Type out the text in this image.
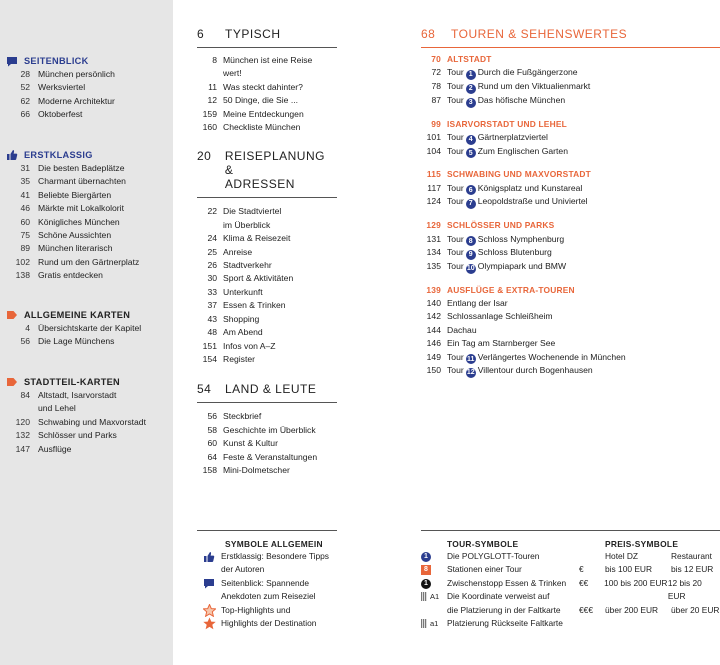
SEITENBLICK
28 München persönlich
52 Werksviertel
62 Moderne Architektur
66 Oktoberfest
ERSTKLASSIG
31 Die besten Badeplätze
35 Charmant übernachten
41 Beliebte Biergärten
46 Märkte mit Lokalkolorit
60 Königliches München
75 Schöne Aussichten
89 München literarisch
102 Rund um den Gärtnerplatz
138 Gratis entdecken
ALLGEMEINE KARTEN
4 Übersichtskarte der Kapitel
56 Die Lage Münchens
STADTTEIL-KARTEN
84 Altstadt, Isarvorstadt
und Lehel
120 Schwabing und Maxvorstadt
132 Schlösser und Parks
147 Ausflüge
6	TYPISCH
8 München ist eine Reise
wert!
11 Was steckt dahinter?
12 50 Dinge, die Sie ...
159 Meine Entdeckungen
160 Checkliste München
20	REISEPLANUNG &
ADRESSEN
22 Die Stadtviertel
im Überblick
24 Klima & Reisezeit
25 Anreise
26 Stadtverkehr
30 Sport & Aktivitäten
33 Unterkunft
37 Essen & Trinken
43 Shopping
48 Am Abend
151 Infos von A–Z
154 Register
54	LAND & LEUTE
56 Steckbrief
58 Geschichte im Überblick
60 Kunst & Kultur
64 Feste & Veranstaltungen
158 Mini-Dolmetscher
68	TOUREN & SEHENSWERTES
70 ALTSTADT
72 Tour 1 Durch die Fußgängerzone
78 Tour 2 Rund um den Viktualienmarkt
87 Tour 3 Das höfische München
99 ISARVORSTADT UND LEHEL
101 Tour 4 Gärtnerplatzviertel
104 Tour 5 Zum Englischen Garten
115 SCHWABING UND MAXVORSTADT
117 Tour 6 Königsplatz und Kunstareal
124 Tour 7 Leopoldstraße und Univiertel
129 SCHLÖSSER UND PARKS
131 Tour 8 Schloss Nymphenburg
134 Tour 9 Schloss Blutenburg
135 Tour 10 Olympiapark und BMW
139 AUSFLÜGE & EXTRA-TOUREN
140 Entlang der Isar
142 Schlossanlage Schleißheim
144 Dachau
146 Ein Tag am Starnberger See
149 Tour 11 Verlängertes Wochenende in München
150 Tour 12 Villentour durch Bogenhausen
SYMBOLE ALLGEMEIN
Erstklassig: Besondere Tipps
der Autoren
Seitenblick: Spannende
Anekdoten zum Reiseziel
Top-Highlights und
Highlights der Destination
TOUR-SYMBOLE
1	Die POLYGLOTT-Touren
8	Stationen einer Tour
1	Zwischenstopp Essen & Trinken
A1 Die Koordinate verweist auf
die Platzierung in der Faltkarte
a1 Platzierung Rückseite Faltkarte
PREIS-SYMBOLE
Hotel DZ	Restaurant
€	bis 100 EUR	bis 12 EUR
€€	100 bis 200 EUR 12 bis 20 EUR
€€€	über 200 EUR	über 20 EUR
